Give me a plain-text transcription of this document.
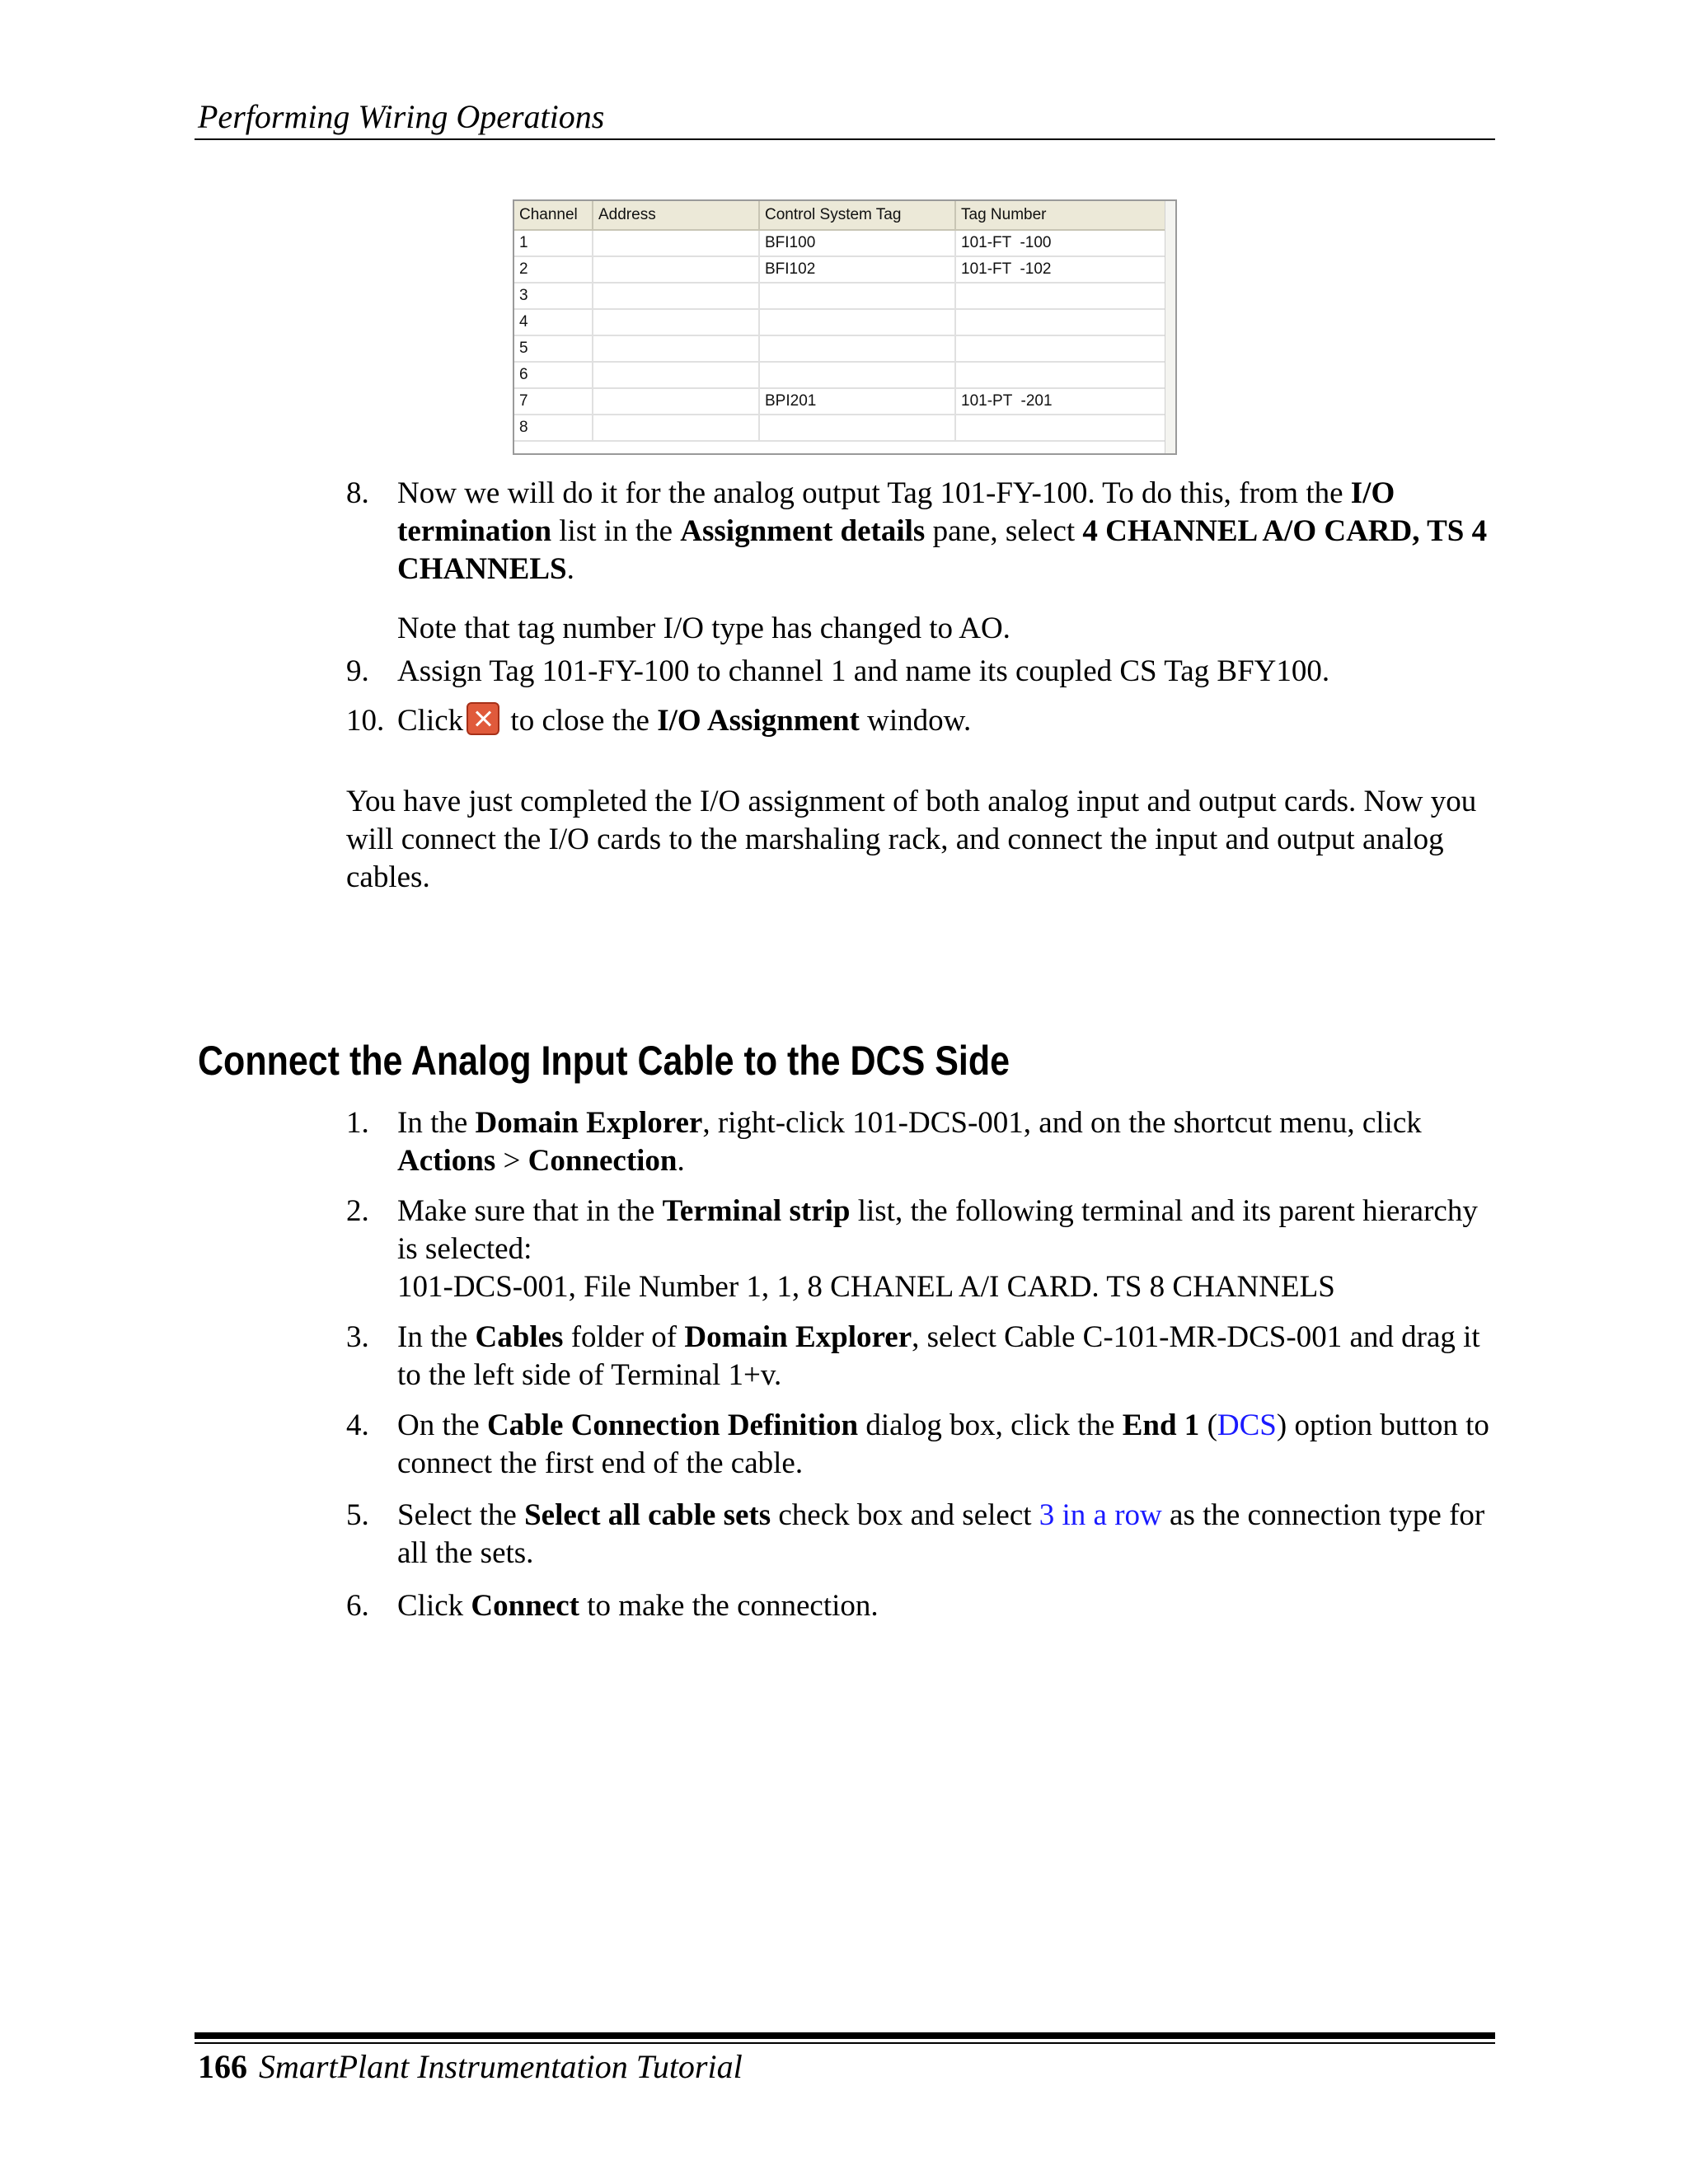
Performing Wiring Operations
Channel	Address	Control System Tag	Tag Number
1		BFI100	101-FT  -100
2		BFI102	101-FT  -102
3			
4			
5			
6			
7		BPI201	101-PT  -201
8			
8. Now we will do it for the analog output Tag 101-FY-100. To do this, from the I/O termination list in the Assignment details pane, select 4 CHANNEL A/O CARD, TS 4 CHANNELS.
Note that tag number I/O type has changed to AO.
9. Assign Tag 101-FY-100 to channel 1 and name its coupled CS Tag BFY100.
10. Click to close the I/O Assignment window.
You have just completed the I/O assignment of both analog input and output cards. Now you will connect the I/O cards to the marshaling rack, and connect the input and output analog cables.
Connect the Analog Input Cable to the DCS Side
1. In the Domain Explorer, right-click 101-DCS-001, and on the shortcut menu, click Actions > Connection.
2. Make sure that in the Terminal strip list, the following terminal and its parent hierarchy is selected:
101-DCS-001, File Number 1, 1, 8 CHANEL A/I CARD. TS 8 CHANNELS
3. In the Cables folder of Domain Explorer, select Cable C-101-MR-DCS-001 and drag it to the left side of Terminal 1+v.
4. On the Cable Connection Definition dialog box, click the End 1 (DCS) option button to connect the first end of the cable.
5. Select the Select all cable sets check box and select 3 in a row as the connection type for all the sets.
6. Click Connect to make the connection.
166 SmartPlant Instrumentation Tutorial
